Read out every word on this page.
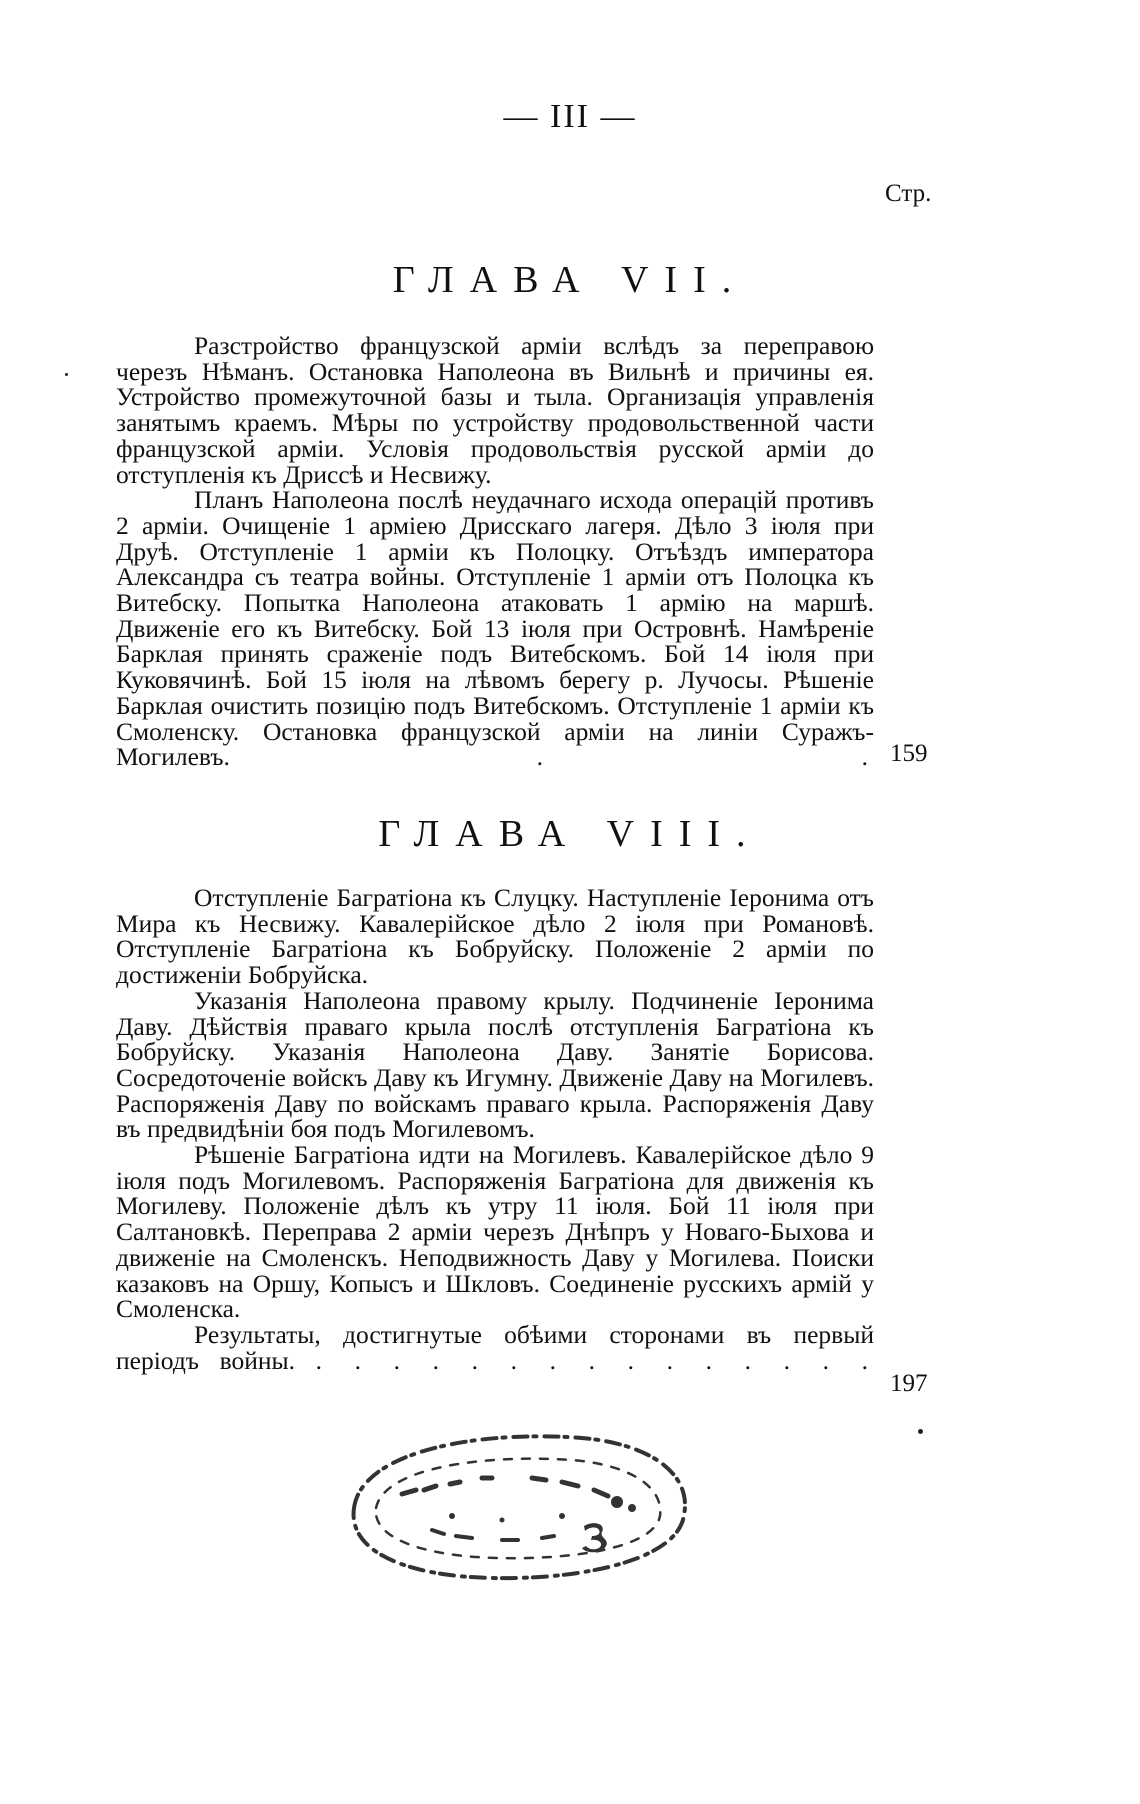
— III —
Стр.
ГЛАВА VII.

Разстройство французской арміи вслѣдъ за переправою черезъ Нѣманъ. Остановка Наполеона въ Вильнѣ и причины ея. Устройство промежуточной базы и тыла. Организація управленія занятымъ краемъ. Мѣры по устройству продовольственной части французской арміи. Условія продовольствія русской арміи до отступленія къ Дриссѣ и Несвижу.

Планъ Наполеона послѣ неудачнаго исхода операцій противъ 2 арміи. Очищеніе 1 арміею Дрисскаго лагеря. Дѣло 3 іюля при Друѣ. Отступленіе 1 арміи къ Полоцку. Отъѣздъ императора Александра съ театра войны. Отступленіе 1 арміи отъ Полоцка къ Витебску. Попытка Наполеона атаковать 1 армію на маршѣ. Движеніе его къ Витебску. Бой 13 іюля при Островнѣ. Намѣреніе Барклая принять сраженіе подъ Витебскомъ. Бой 14 іюля при Куковячинѣ. Бой 15 іюля на лѣвомъ берегу р. Лучосы. Рѣшеніе Барклая очистить позицію подъ Витебскомъ. Отступленіе 1 арміи къ Смоленску. Остановка французской арміи на линіи Суражъ-Могилевъ.	. . 159
ГЛАВА VIII.

Отступленіе Багратіона къ Слуцку. Наступленіе Іеронима отъ Мира къ Несвижу. Кавалерійское дѣло 2 іюля при Романовѣ. Отступленіе Багратіона къ Бобруйску. Положеніе 2 арміи по достиженіи Бобруйска.

Указанія Наполеона правому крылу. Подчиненіе Іеронима Даву. Дѣйствія праваго крыла послѣ отступленія Багратіона къ Бобруйску. Указанія Наполеона Даву. Занятіе Борисова. Сосредоточеніе войскъ Даву къ Игумну. Движеніе Даву на Могилевъ. Распоряженія Даву по войскамъ праваго крыла. Распоряженія Даву въ предвидѣніи боя подъ Могилевомъ.

Рѣшеніе Багратіона идти на Могилевъ. Кавалерійское дѣло 9 іюля подъ Могилевомъ. Распоряженія Багратіона для движенія къ Могилеву. Положеніе дѣлъ къ утру 11 іюля. Бой 11 іюля при Салтановкѣ. Переправа 2 арміи черезъ Днѣпръ у Новаго-Быхова и движеніе на Смоленскъ. Неподвижность Даву у Могилева. Поиски казаковъ на Оршу, Копысъ и Шкловъ. Соединеніе русскихъ армій у Смоленска.

Результаты, достигнутые обѣими сторонами въ первый періодъ войны. . . . . . . . . . . . . . . .

197
